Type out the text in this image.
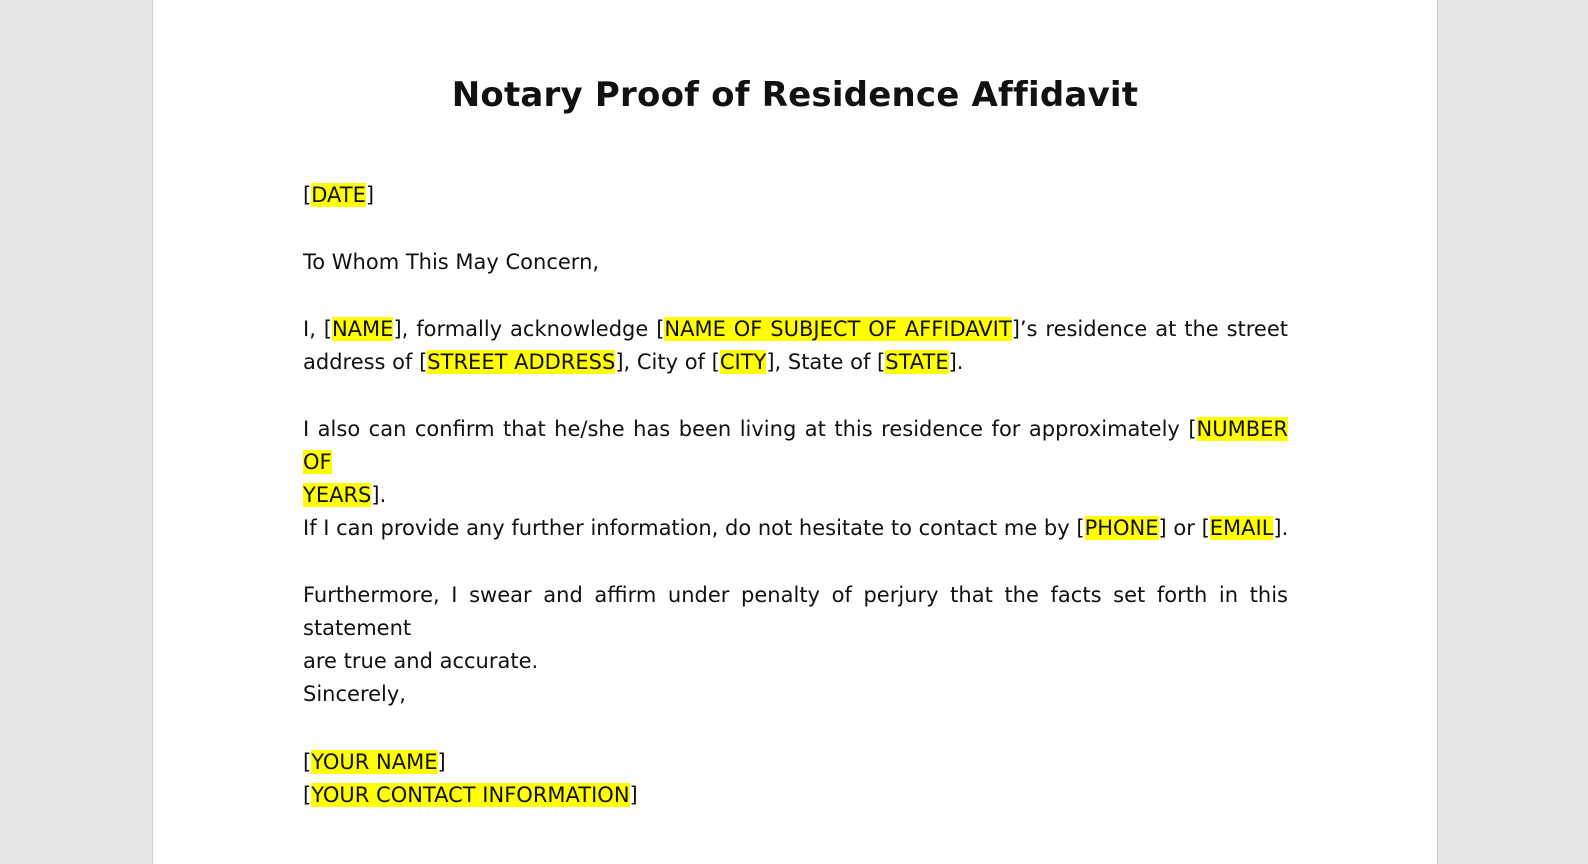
Notary Proof of Residence Affidavit
[DATE]
To Whom This May Concern,
I, [NAME], formally acknowledge [NAME OF SUBJECT OF AFFIDAVIT]’s residence at the street
address of [STREET ADDRESS], City of [CITY], State of [STATE].
I also can confirm that he/she has been living at this residence for approximately [NUMBER OF
YEARS].
If I can provide any further information, do not hesitate to contact me by [PHONE] or [EMAIL].
Furthermore, I swear and affirm under penalty of perjury that the facts set forth in this statement
are true and accurate.
Sincerely,
[YOUR NAME]
[YOUR CONTACT INFORMATION]
